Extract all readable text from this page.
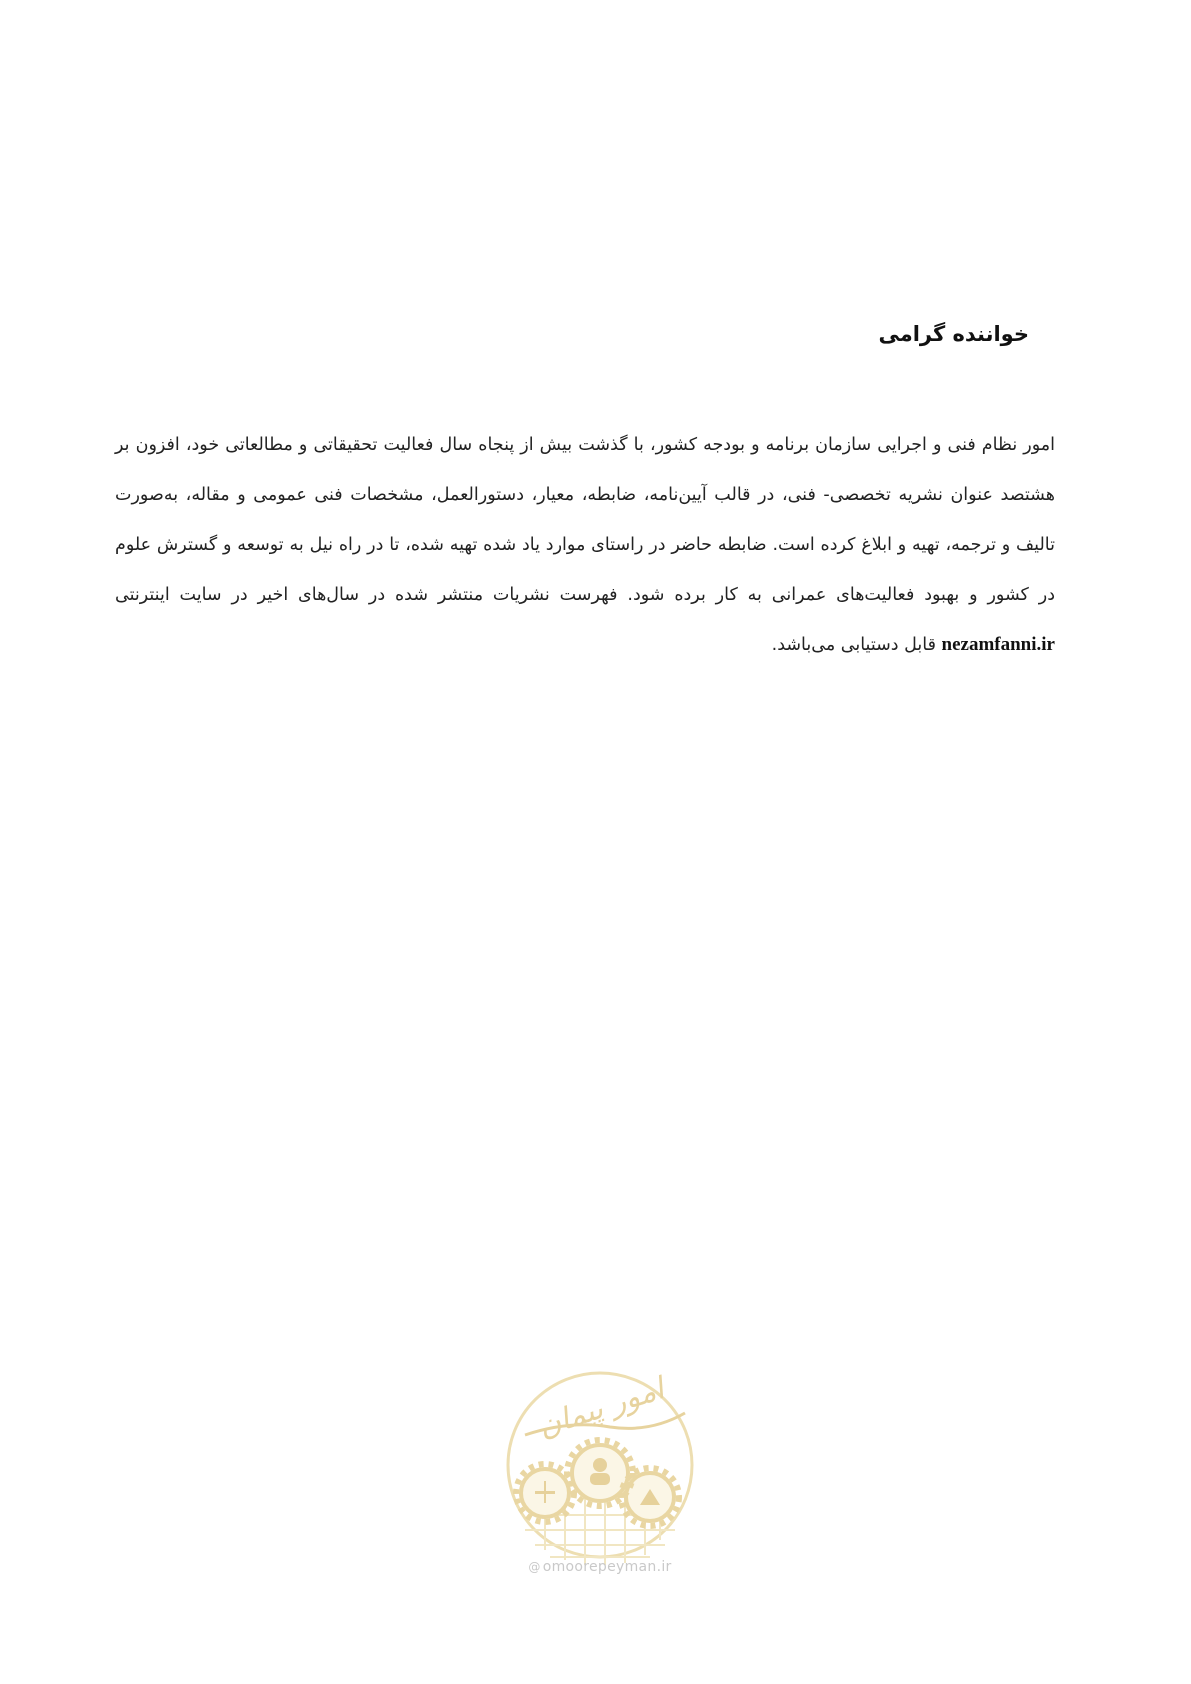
خواننده گرامی

امور نظام فنی و اجرایی سازمان برنامه و بودجه کشور، با گذشت بیش از پنجاه سال فعالیت تحقیقاتی و مطالعاتی خود، افزون بر هشتصد عنوان نشریه تخصصی- فنی، در قالب آیین‌نامه، ضابطه، معیار، دستورالعمل، مشخصات فنی عمومی و مقاله، به‌صورت تالیف و ترجمه، تهیه و ابلاغ کرده است. ضابطه حاضر در راستای موارد یاد شده تهیه شده، تا در راه نیل به توسعه و گسترش علوم در کشور و بهبود فعالیت‌های عمرانی به کار برده شود. فهرست نشریات منتشر شده در سال‌های اخیر در سایت اینترنتی nezamfanni.ir قابل دستیابی می‌باشد.

امور پیمان
@ omoorepeyman.ir
